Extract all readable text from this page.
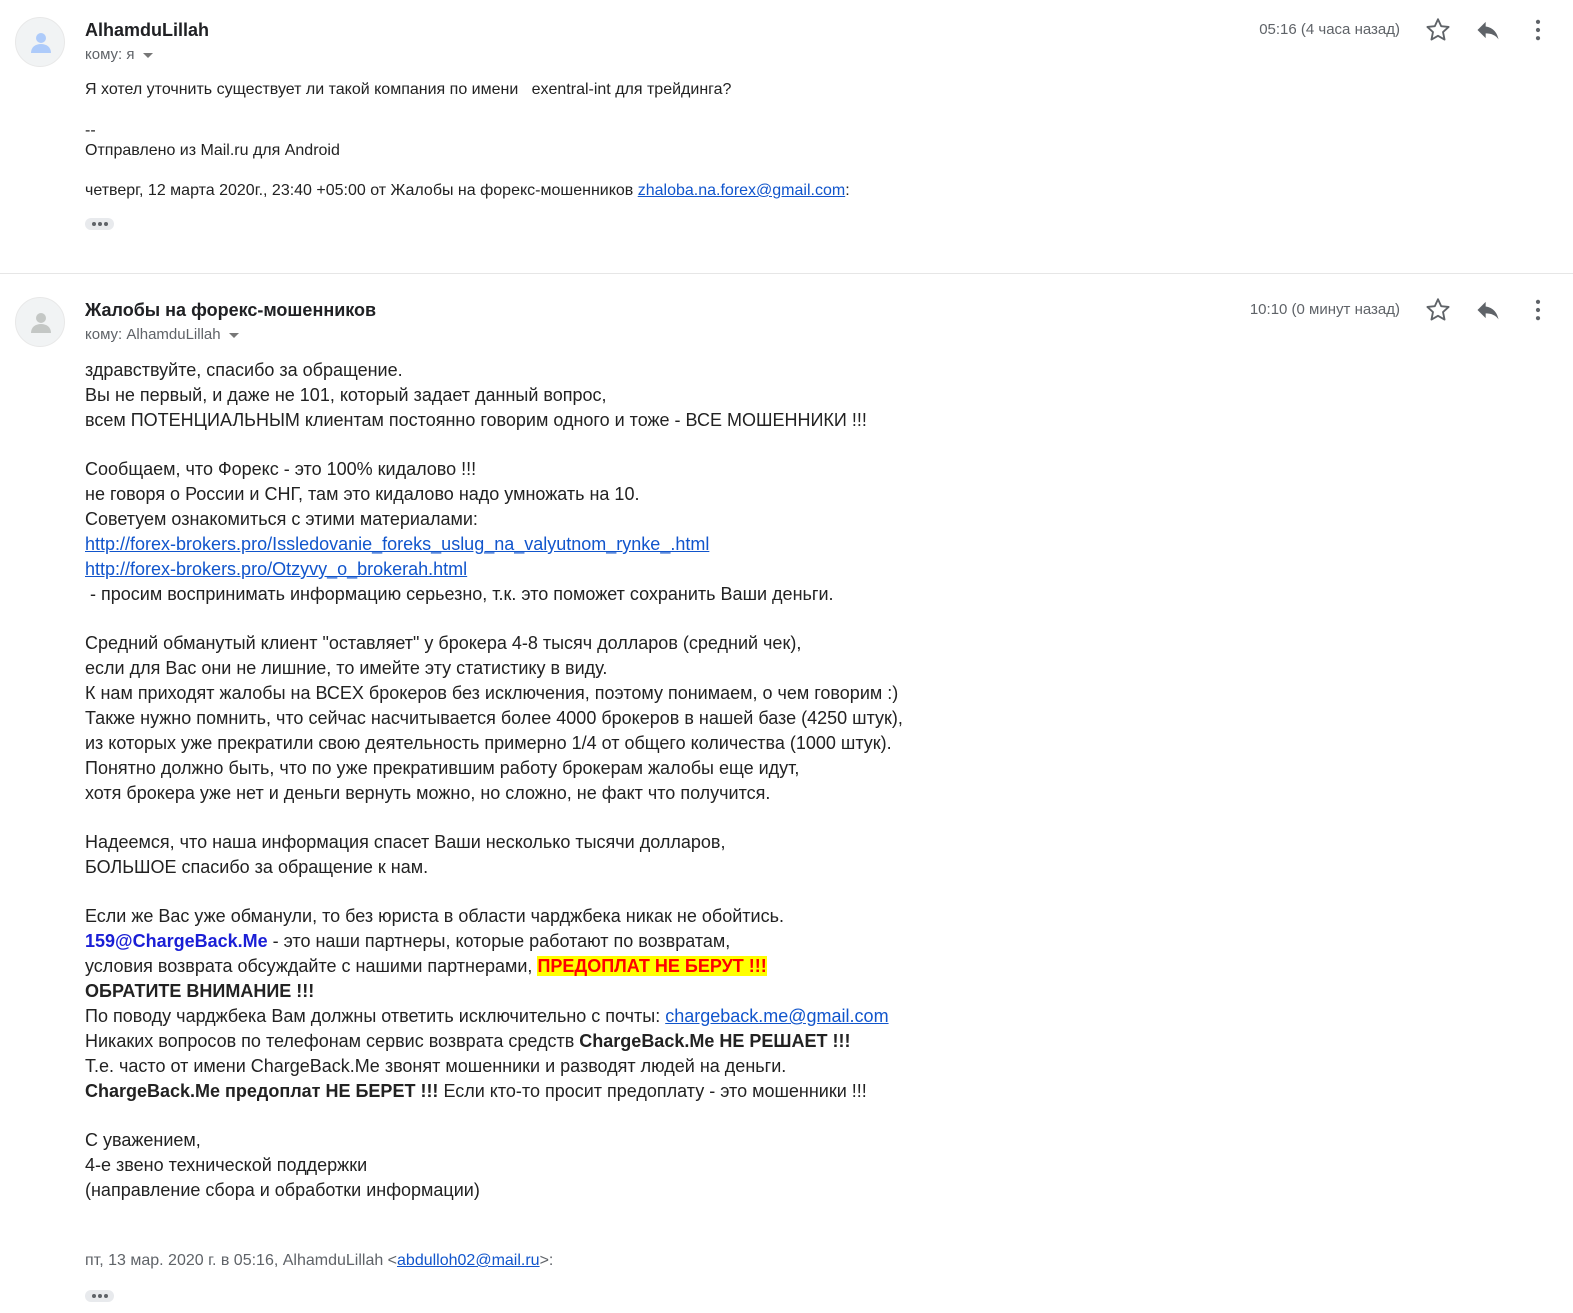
AlhamduLillah
кому: я
05:16 (4 часа назад)
Я хотел уточнить существует ли такой компания по имени   exentral-int для трейдинга?
--
Отправлено из Mail.ru для Android
четверг, 12 марта 2020г., 23:40 +05:00 от Жалобы на форекс-мошенников zhaloba.na.forex@gmail.com:
Жалобы на форекс-мошенников
кому: AlhamduLillah
10:10 (0 минут назад)
здравствуйте, спасибо за обращение.
Вы не первый, и даже не 101, который задает данный вопрос,
всем ПОТЕНЦИАЛЬНЫМ клиентам постоянно говорим одного и тоже - ВСЕ МОШЕННИКИ !!!
Сообщаем, что Форекс - это 100% кидалово !!!
не говоря о России и СНГ, там это кидалово надо умножать на 10.
Советуем ознакомиться с этими материалами:
http://forex-brokers.pro/Issledovanie_foreks_uslug_na_valyutnom_rynke_.html
http://forex-brokers.pro/Otzyvy_o_brokerah.html
- просим воспринимать информацию серьезно, т.к. это поможет сохранить Ваши деньги.
Средний обманутый клиент "оставляет" у брокера 4-8 тысяч долларов (средний чек),
если для Вас они не лишние, то имейте эту статистику в виду.
К нам приходят жалобы на ВСЕХ брокеров без исключения, поэтому понимаем, о чем говорим :)
Также нужно помнить, что сейчас насчитывается более 4000 брокеров в нашей базе (4250 штук),
из которых уже прекратили свою деятельность примерно 1/4 от общего количества (1000 штук).
Понятно должно быть, что по уже прекратившим работу брокерам жалобы еще идут,
хотя брокера уже нет и деньги вернуть можно, но сложно, не факт что получится.
Надеемся, что наша информация спасет Ваши несколько тысячи долларов,
БОЛЬШОЕ спасибо за обращение к нам.
Если же Вас уже обманули, то без юриста в области чарджбека никак не обойтись.
159@ChargeBack.Me - это наши партнеры, которые работают по возвратам,
условия возврата обсуждайте с нашими партнерами, ПРЕДОПЛАТ НЕ БЕРУТ !!!
ОБРАТИТЕ ВНИМАНИЕ !!!
По поводу чарджбека Вам должны ответить исключительно с почты: chargeback.me@gmail.com
Никаких вопросов по телефонам сервис возврата средств ChargeBack.Me НЕ РЕШАЕТ !!!
Т.е. часто от имени ChargeBack.Me звонят мошенники и разводят людей на деньги.
ChargeBack.Me предоплат НЕ БЕРЕТ !!! Если кто-то просит предоплату - это мошенники !!!
С уважением,
4-е звено технической поддержки
(направление сбора и обработки информации)
пт, 13 мар. 2020 г. в 05:16, AlhamduLillah <abdulloh02@mail.ru>:
